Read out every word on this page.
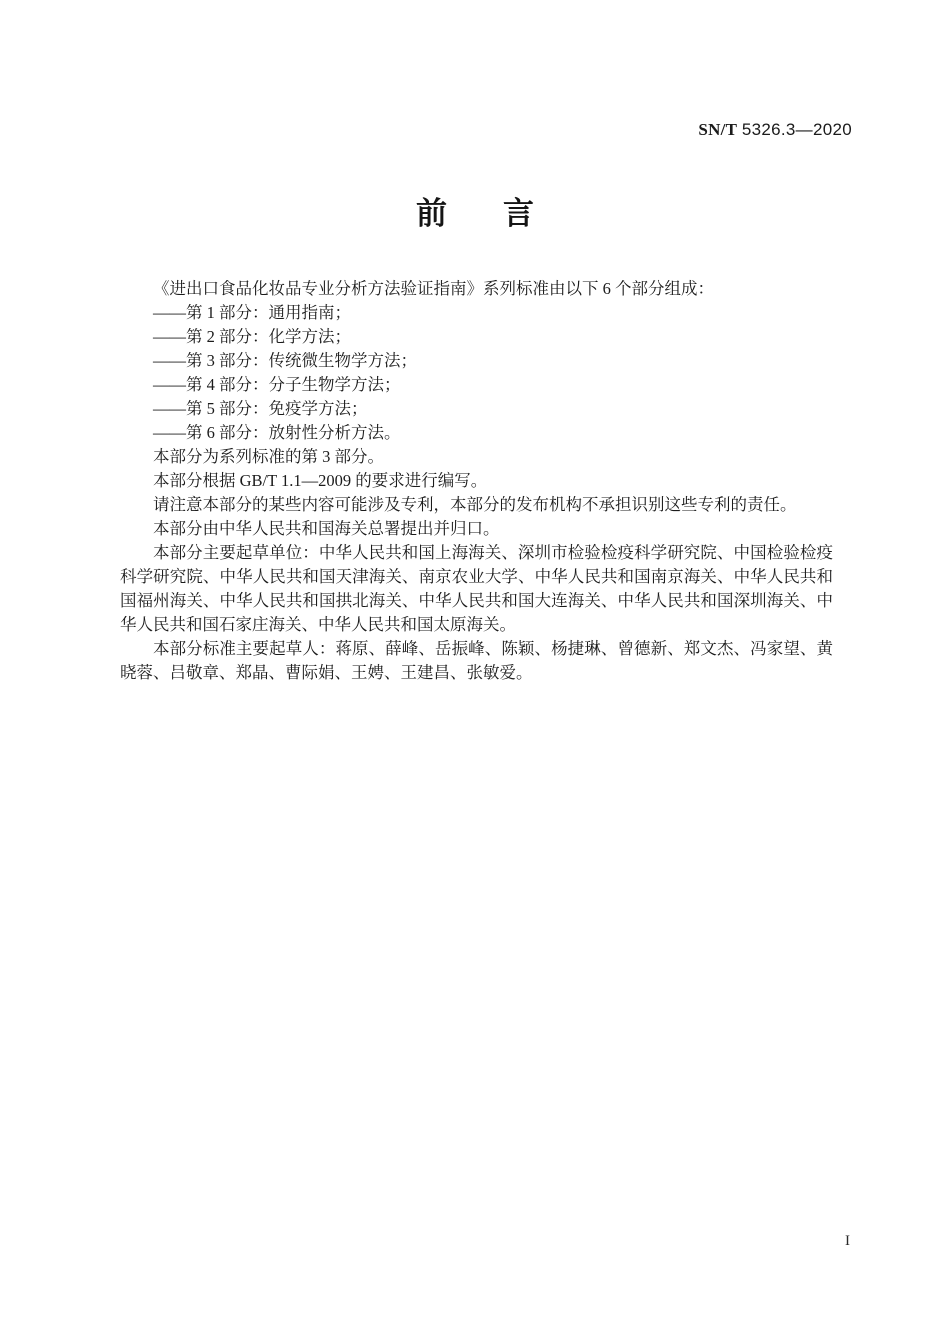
SN/T 5326.3—2020
前 言

《进出口食品化妆品专业分析方法验证指南》系列标准由以下 6 个部分组成：

——第 1 部分：通用指南；

——第 2 部分：化学方法；

——第 3 部分：传统微生物学方法；

——第 4 部分：分子生物学方法；

——第 5 部分：免疫学方法；

——第 6 部分：放射性分析方法。

本部分为系列标准的第 3 部分。

本部分根据 GB/T 1.1—2009 的要求进行编写。

请注意本部分的某些内容可能涉及专利，本部分的发布机构不承担识别这些专利的责任。

本部分由中华人民共和国海关总署提出并归口。

本部分主要起草单位：中华人民共和国上海海关、深圳市检验检疫科学研究院、中国检验检疫科学研究院、中华人民共和国天津海关、南京农业大学、中华人民共和国南京海关、中华人民共和国福州海关、中华人民共和国拱北海关、中华人民共和国大连海关、中华人民共和国深圳海关、中华人民共和国石家庄海关、中华人民共和国太原海关。

本部分标准主要起草人：蒋原、薛峰、岳振峰、陈颖、杨捷琳、曾德新、郑文杰、冯家望、黄晓蓉、吕敬章、郑晶、曹际娟、王娉、王建昌、张敏爱。

I
